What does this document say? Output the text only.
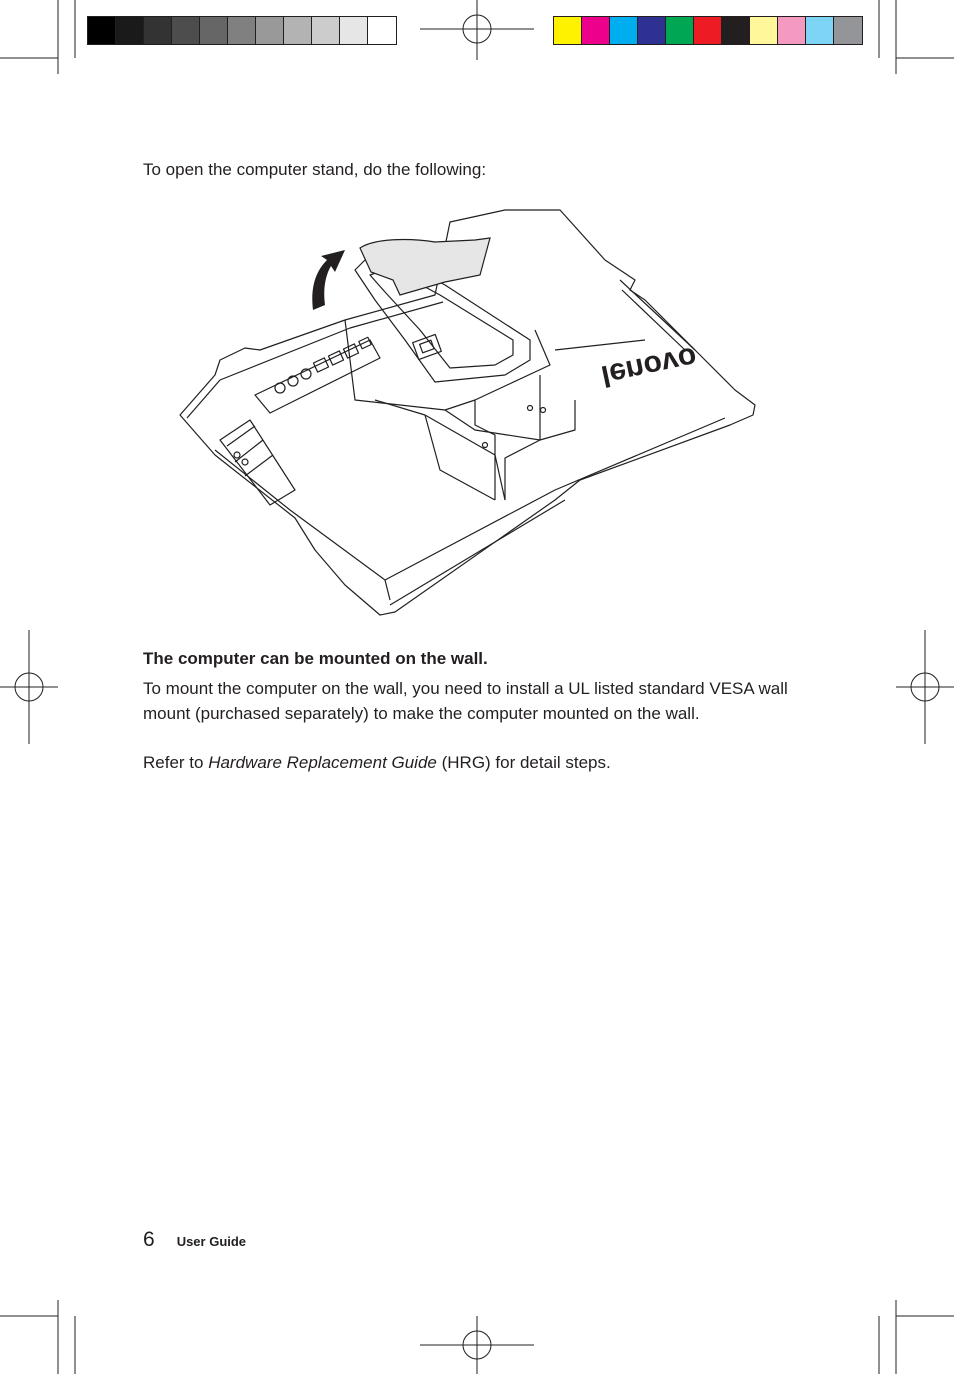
To open the computer stand, do the following:

lenovo

The computer can be mounted on the wall.

To mount the computer on the wall, you need to install a UL listed standard VESA wall mount (purchased separately) to make the computer mounted on the wall.

Refer to Hardware Replacement Guide (HRG) for detail steps.

6 User Guide
